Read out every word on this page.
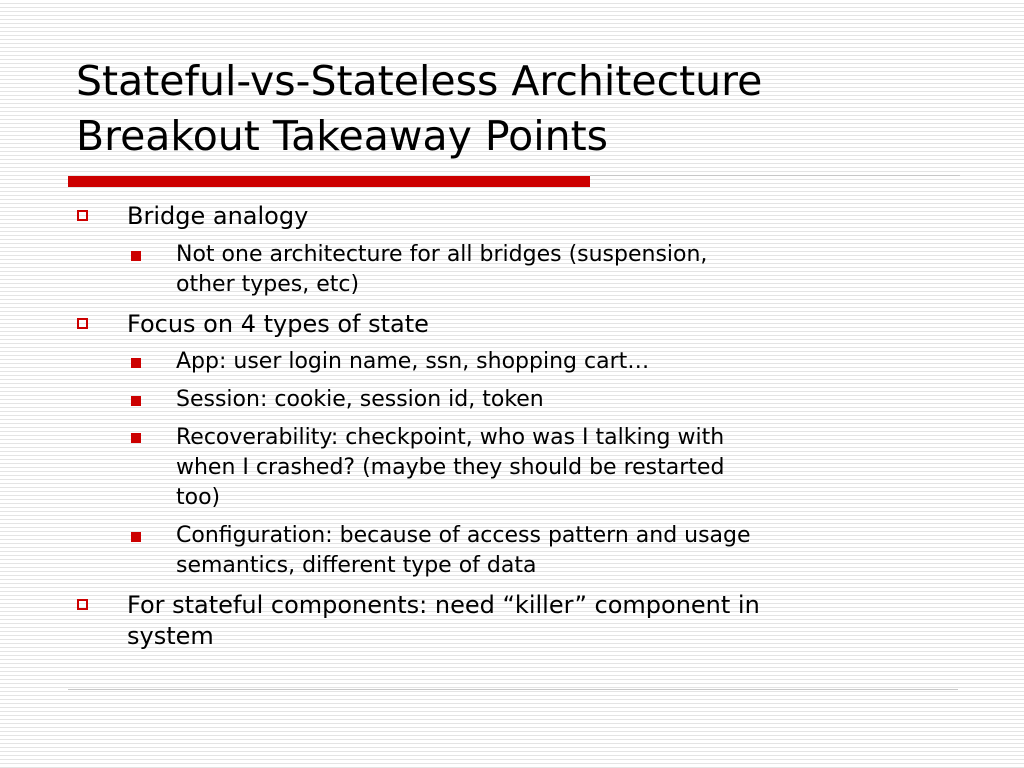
Stateful-vs-Stateless Architecture
Breakout Takeaway Points
Bridge analogy
Not one architecture for all bridges (suspension,
other types, etc)
Focus on 4 types of state
App: user login name, ssn, shopping cart…
Session: cookie, session id, token
Recoverability: checkpoint, who was I talking with
when I crashed? (maybe they should be restarted
too)
Configuration: because of access pattern and usage
semantics, different type of data
For stateful components: need “killer” component in
system
